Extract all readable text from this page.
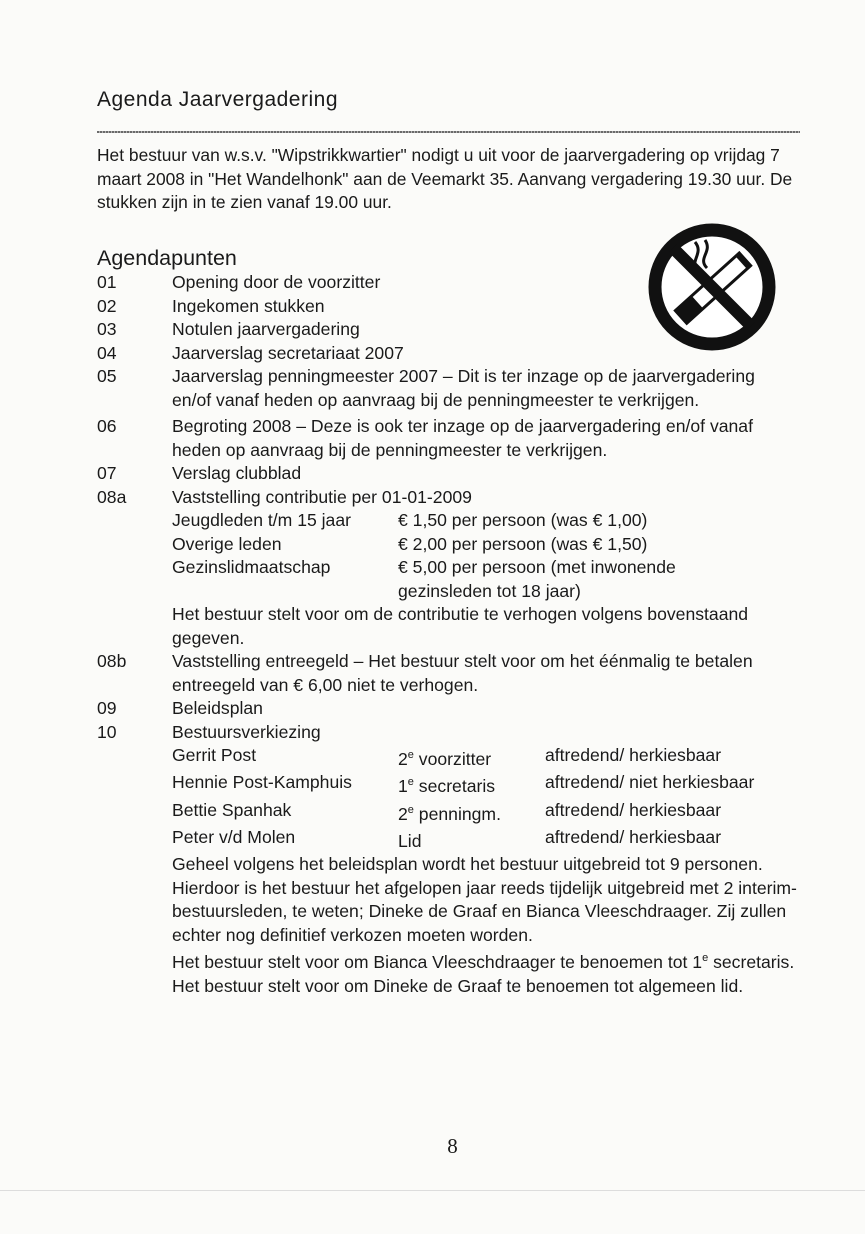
Agenda Jaarvergadering
Het bestuur van w.s.v. "Wipstrikkwartier" nodigt u uit voor de jaarvergadering op vrijdag 7 maart 2008 in "Het Wandelhonk" aan de Veemarkt 35. Aanvang vergadering 19.30 uur. De stukken zijn in te zien vanaf 19.00 uur.
Agendapunten
01	Opening door de voorzitter
02	Ingekomen stukken
03	Notulen jaarvergadering
04	Jaarverslag secretariaat 2007
05	Jaarverslag penningmeester 2007 – Dit is ter inzage op de jaarvergadering en/of vanaf heden op aanvraag bij de penningmeester te verkrijgen.
06	Begroting 2008 – Deze is ook ter inzage op de jaarvergadering en/of vanaf heden op aanvraag bij de penningmeester te verkrijgen.
07	Verslag clubblad
08a	Vaststelling contributie per 01-01-2009
Jeugdleden t/m 15 jaar	€ 1,50 per persoon (was € 1,00)
Overige leden	€ 2,00 per persoon (was € 1,50)
Gezinslidmaatschap	€ 5,00 per persoon (met inwonende gezinsleden tot 18 jaar)
Het bestuur stelt voor om de contributie te verhogen volgens bovenstaand gegeven.
08b	Vaststelling entreegeld – Het bestuur stelt voor om het éénmalig te betalen entreegeld van € 6,00 niet te verhogen.
09	Beleidsplan
10	Bestuursverkiezing
Gerrit Post	2e voorzitter	aftredend/ herkiesbaar
Hennie Post-Kamphuis	1e secretaris	aftredend/ niet herkiesbaar
Bettie Spanhak	2e penningm.	aftredend/ herkiesbaar
Peter v/d Molen	Lid	aftredend/ herkiesbaar
Geheel volgens het beleidsplan wordt het bestuur uitgebreid tot 9 personen. Hierdoor is het bestuur het afgelopen jaar reeds tijdelijk uitgebreid met 2 interim-bestuursleden, te weten; Dineke de Graaf en Bianca Vleeschdraager. Zij zullen echter nog definitief verkozen moeten worden.
Het bestuur stelt voor om Bianca Vleeschdraager te benoemen tot 1e secretaris.
Het bestuur stelt voor om Dineke de Graaf te benoemen tot algemeen lid.
8
